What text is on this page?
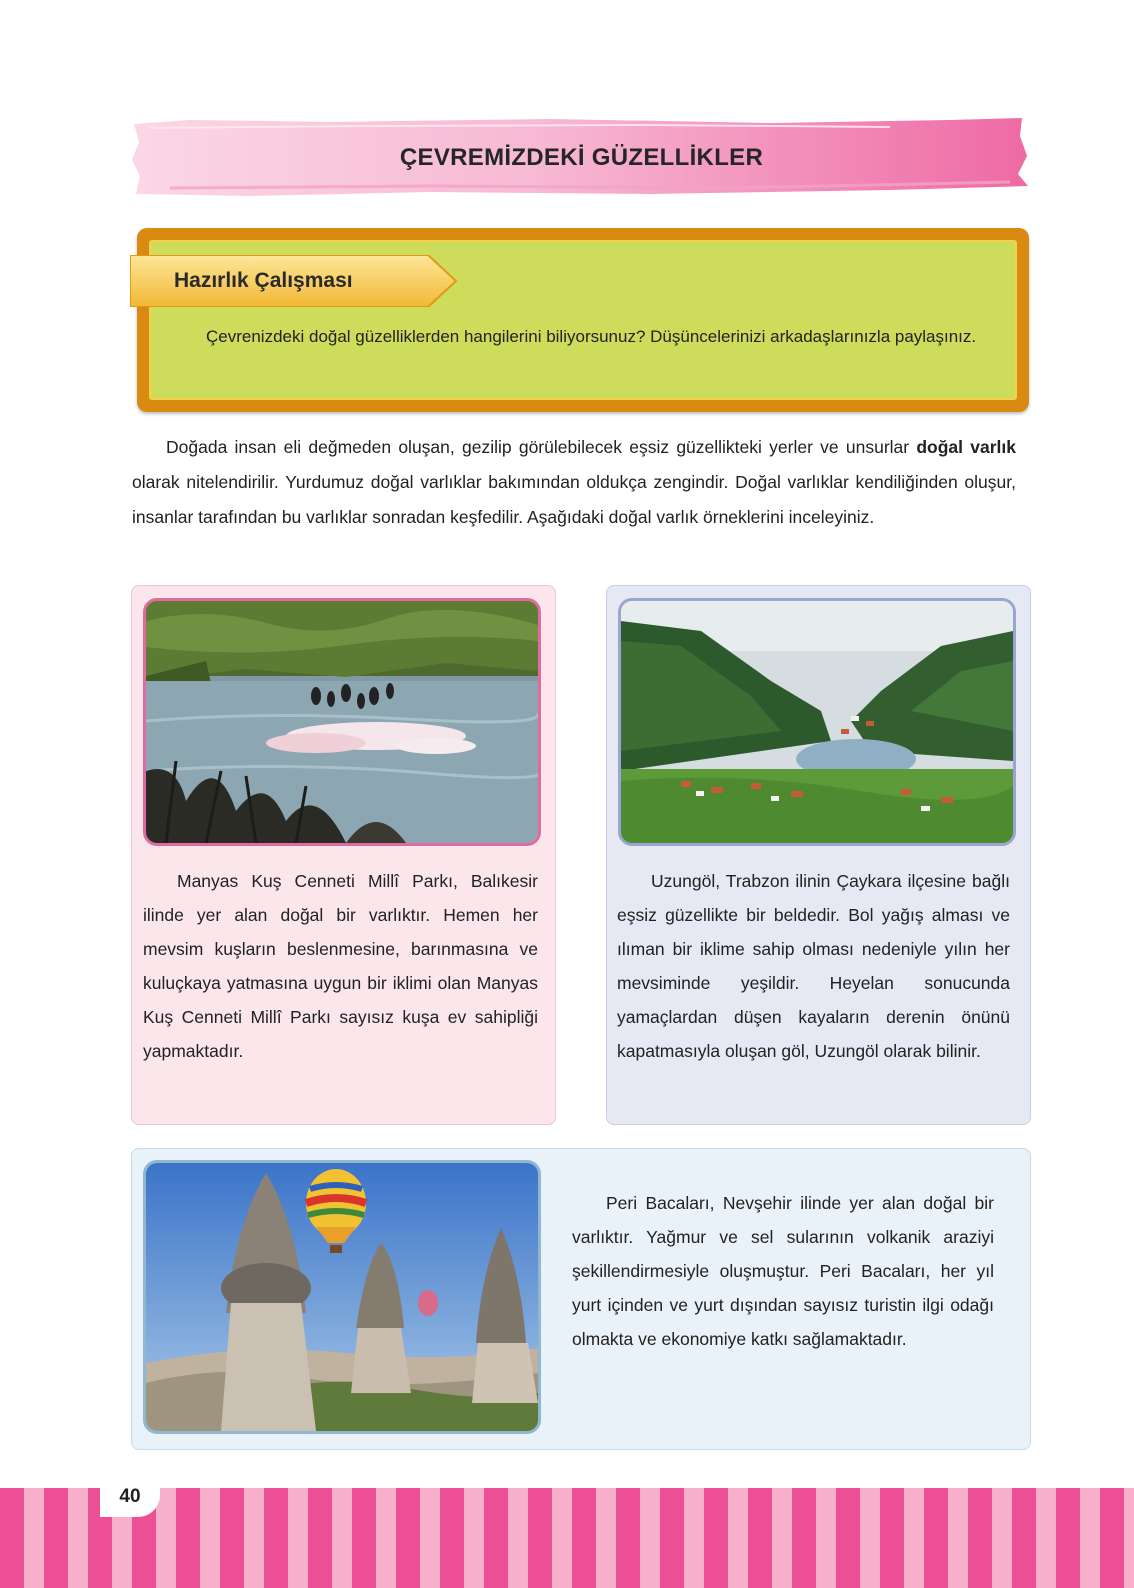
ÇEVREMİZDEKİ GÜZELLİKLER
Hazırlık Çalışması
Çevrenizdeki doğal güzelliklerden hangilerini biliyorsunuz? Düşüncelerinizi arkadaşlarınızla paylaşınız.
Doğada insan eli değmeden oluşan, gezilip görülebilecek eşsiz güzellikteki yerler ve unsurlar doğal varlık olarak nitelendirilir. Yurdumuz doğal varlıklar bakımından oldukça zengindir. Doğal varlıklar kendiliğinden oluşur, insanlar tarafından bu varlıklar sonradan keşfedilir. Aşağıdaki doğal varlık örneklerini inceleyiniz.
Manyas Kuş Cenneti Millî Parkı, Balıkesir ilinde yer alan doğal bir varlıktır. Hemen her mevsim kuşların beslenmesine, barınmasına ve kuluçkaya yatmasına uygun bir iklimi olan Manyas Kuş Cenneti Millî Parkı sayısız kuşa ev sahipliği yapmaktadır.
Uzungöl, Trabzon ilinin Çaykara ilçesine bağlı eşsiz güzellikte bir beldedir. Bol yağış alması ve ılıman bir iklime sahip olması nedeniyle yılın her mevsiminde yeşildir. Heyelan sonucunda yamaçlardan düşen kayaların derenin önünü kapatmasıyla oluşan göl, Uzungöl olarak bilinir.
Peri Bacaları, Nevşehir ilinde yer alan doğal bir varlıktır. Yağmur ve sel sularının volkanik araziyi şekillendirmesiyle oluşmuştur. Peri Bacaları, her yıl yurt içinden ve yurt dışından sayısız turistin ilgi odağı olmakta ve ekonomiye katkı sağlamaktadır.
40
